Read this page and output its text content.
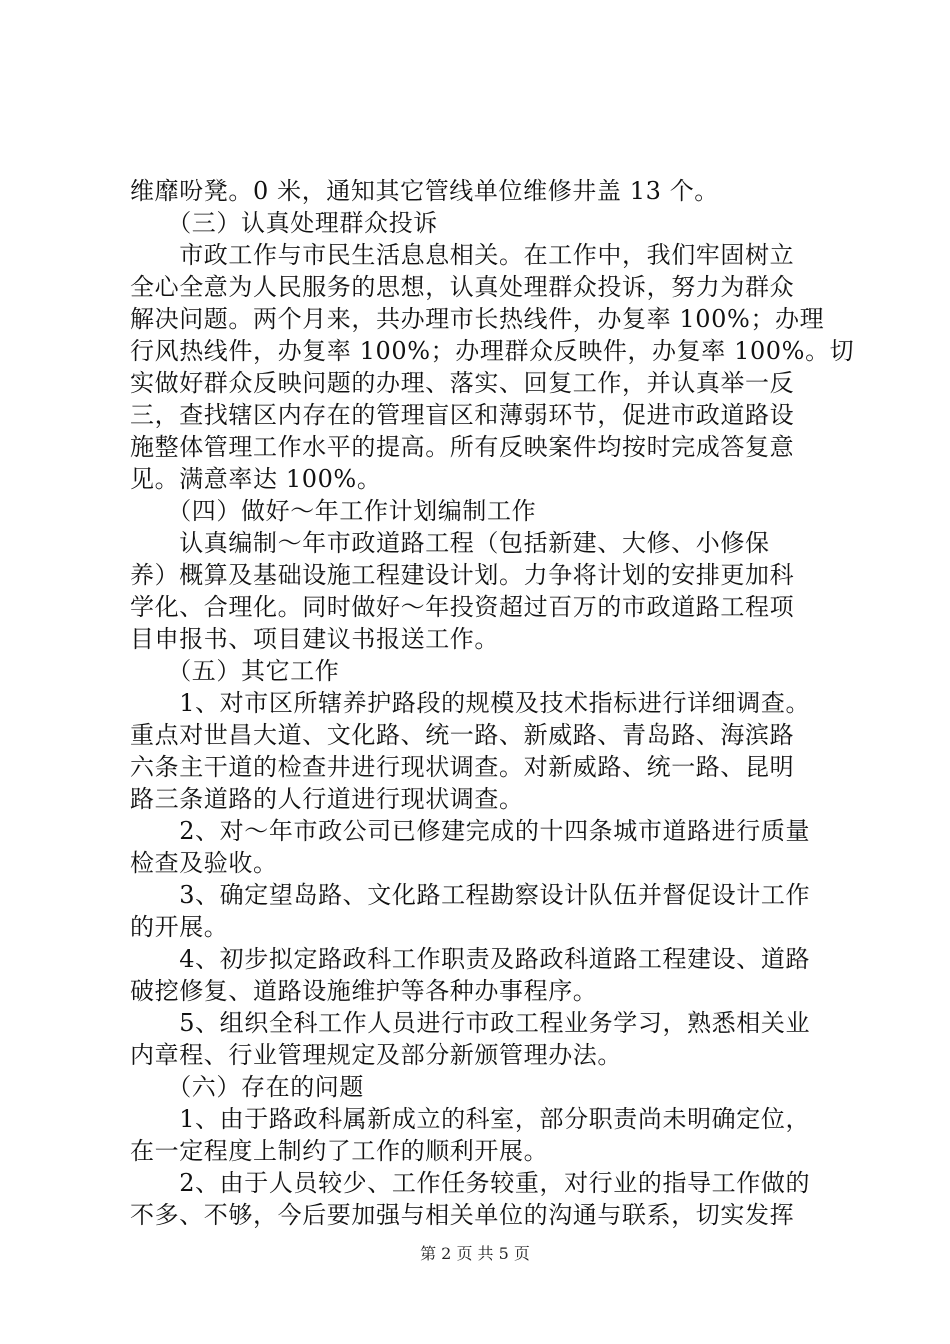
维靡吩凳。0 米，通知其它管线单位维修井盖 13 个。
　　（三）认真处理群众投诉
　　市政工作与市民生活息息相关。在工作中，我们牢固树立
全心全意为人民服务的思想，认真处理群众投诉，努力为群众
解决问题。两个月来，共办理市长热线件，办复率 100%；办理
行风热线件，办复率 100%；办理群众反映件，办复率 100%。切
实做好群众反映问题的办理、落实、回复工作，并认真举一反
三，查找辖区内存在的管理盲区和薄弱环节，促进市政道路设
施整体管理工作水平的提高。所有反映案件均按时完成答复意
见。满意率达 100%。
　　（四）做好～年工作计划编制工作
　　认真编制～年市政道路工程（包括新建、大修、小修保
养）概算及基础设施工程建设计划。力争将计划的安排更加科
学化、合理化。同时做好～年投资超过百万的市政道路工程项
目申报书、项目建议书报送工作。
　　（五）其它工作
　　1、对市区所辖养护路段的规模及技术指标进行详细调查。
重点对世昌大道、文化路、统一路、新威路、青岛路、海滨路
六条主干道的检查井进行现状调查。对新威路、统一路、昆明
路三条道路的人行道进行现状调查。
　　2、对～年市政公司已修建完成的十四条城市道路进行质量
检查及验收。
　　3、确定望岛路、文化路工程勘察设计队伍并督促设计工作
的开展。
　　4、初步拟定路政科工作职责及路政科道路工程建设、道路
破挖修复、道路设施维护等各种办事程序。
　　5、组织全科工作人员进行市政工程业务学习，熟悉相关业
内章程、行业管理规定及部分新颁管理办法。
　　（六）存在的问题
　　1、由于路政科属新成立的科室，部分职责尚未明确定位，
在一定程度上制约了工作的顺利开展。
　　2、由于人员较少、工作任务较重，对行业的指导工作做的
不多、不够，今后要加强与相关单位的沟通与联系，切实发挥
第 2 页 共 5 页
